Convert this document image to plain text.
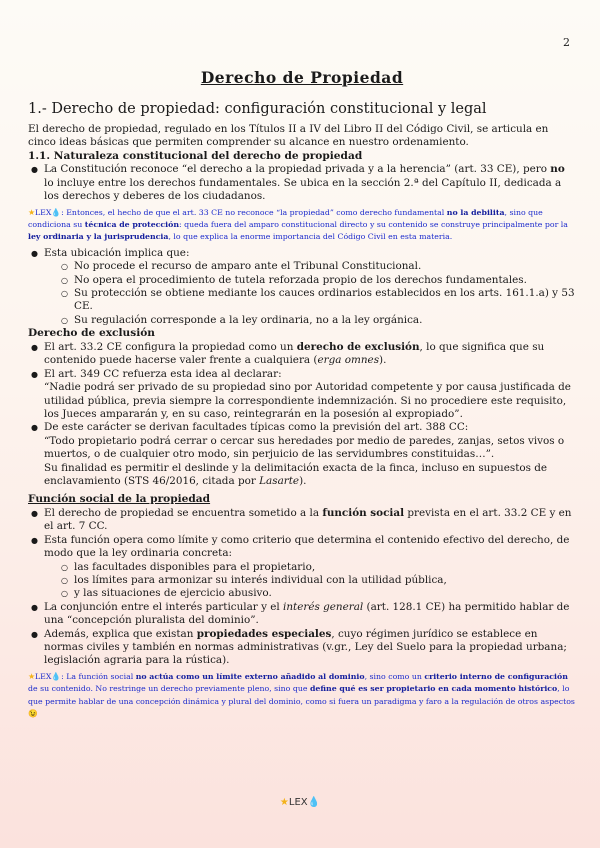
2
Derecho de Propiedad
1.- Derecho de propiedad: configuración constitucional y legal

El derecho de propiedad, regulado en los Títulos II a IV del Libro II del Código Civil, se articula en cinco ideas básicas que permiten comprender su alcance en nuestro ordenamiento.

1.1. Naturaleza constitucional del derecho de propiedad

● La Constitución reconoce “el derecho a la propiedad privada y a la herencia” (art. 33 CE), pero no lo incluye entre los derechos fundamentales. Se ubica en la sección 2.ª del Capítulo II, dedicada a los derechos y deberes de los ciudadanos.
★LEX💧: Entonces, el hecho de que el art. 33 CE no reconoce “la propiedad” como derecho fundamental no la debilita, sino que condiciona su técnica de protección: queda fuera del amparo constitucional directo y su contenido se construye principalmente por la ley ordinaria y la jurisprudencia, lo que explica la enorme importancia del Código Civil en esta materia.
● Esta ubicación implica que:
○ No procede el recurso de amparo ante el Tribunal Constitucional.
○ No opera el procedimiento de tutela reforzada propio de los derechos fundamentales.
○ Su protección se obtiene mediante los cauces ordinarios establecidos en los arts. 161.1.a) y 53 CE.
○ Su regulación corresponde a la ley ordinaria, no a la ley orgánica.

Derecho de exclusión

● El art. 33.2 CE configura la propiedad como un derecho de exclusión, lo que significa que su contenido puede hacerse valer frente a cualquiera (erga omnes).
● El art. 349 CC refuerza esta idea al declarar:
“Nadie podrá ser privado de su propiedad sino por Autoridad competente y por causa justificada de utilidad pública, previa siempre la correspondiente indemnización. Si no procediere este requisito, los Jueces ampararán y, en su caso, reintegrarán en la posesión al expropiado”.
● De este carácter se derivan facultades típicas como la previsión del art. 388 CC:
“Todo propietario podrá cerrar o cercar sus heredades por medio de paredes, zanjas, setos vivos o muertos, o de cualquier otro modo, sin perjuicio de las servidumbres constituidas…”.
Su finalidad es permitir el deslinde y la delimitación exacta de la finca, incluso en supuestos de enclavamiento (STS 46/2016, citada por Lasarte).

Función social de la propiedad

● El derecho de propiedad se encuentra sometido a la función social prevista en el art. 33.2 CE y en el art. 7 CC.
● Esta función opera como límite y como criterio que determina el contenido efectivo del derecho, de modo que la ley ordinaria concreta:
○ las facultades disponibles para el propietario,
○ los límites para armonizar su interés individual con la utilidad pública,
○ y las situaciones de ejercicio abusivo.
● La conjunción entre el interés particular y el interés general (art. 128.1 CE) ha permitido hablar de una “concepción pluralista del dominio”.
● Además, explica que existan propiedades especiales, cuyo régimen jurídico se establece en normas civiles y también en normas administrativas (v.gr., Ley del Suelo para la propiedad urbana; legislación agraria para la rústica).
★LEX💧: La función social no actúa como un límite externo añadido al dominio, sino como un criterio interno de configuración de su contenido. No restringe un derecho previamente pleno, sino que define qué es ser propietario en cada momento histórico, lo que permite hablar de una concepción dinámica y plural del dominio, como si fuera un paradigma y faro a la regulación de otros aspectos 😉
★LEX💧
